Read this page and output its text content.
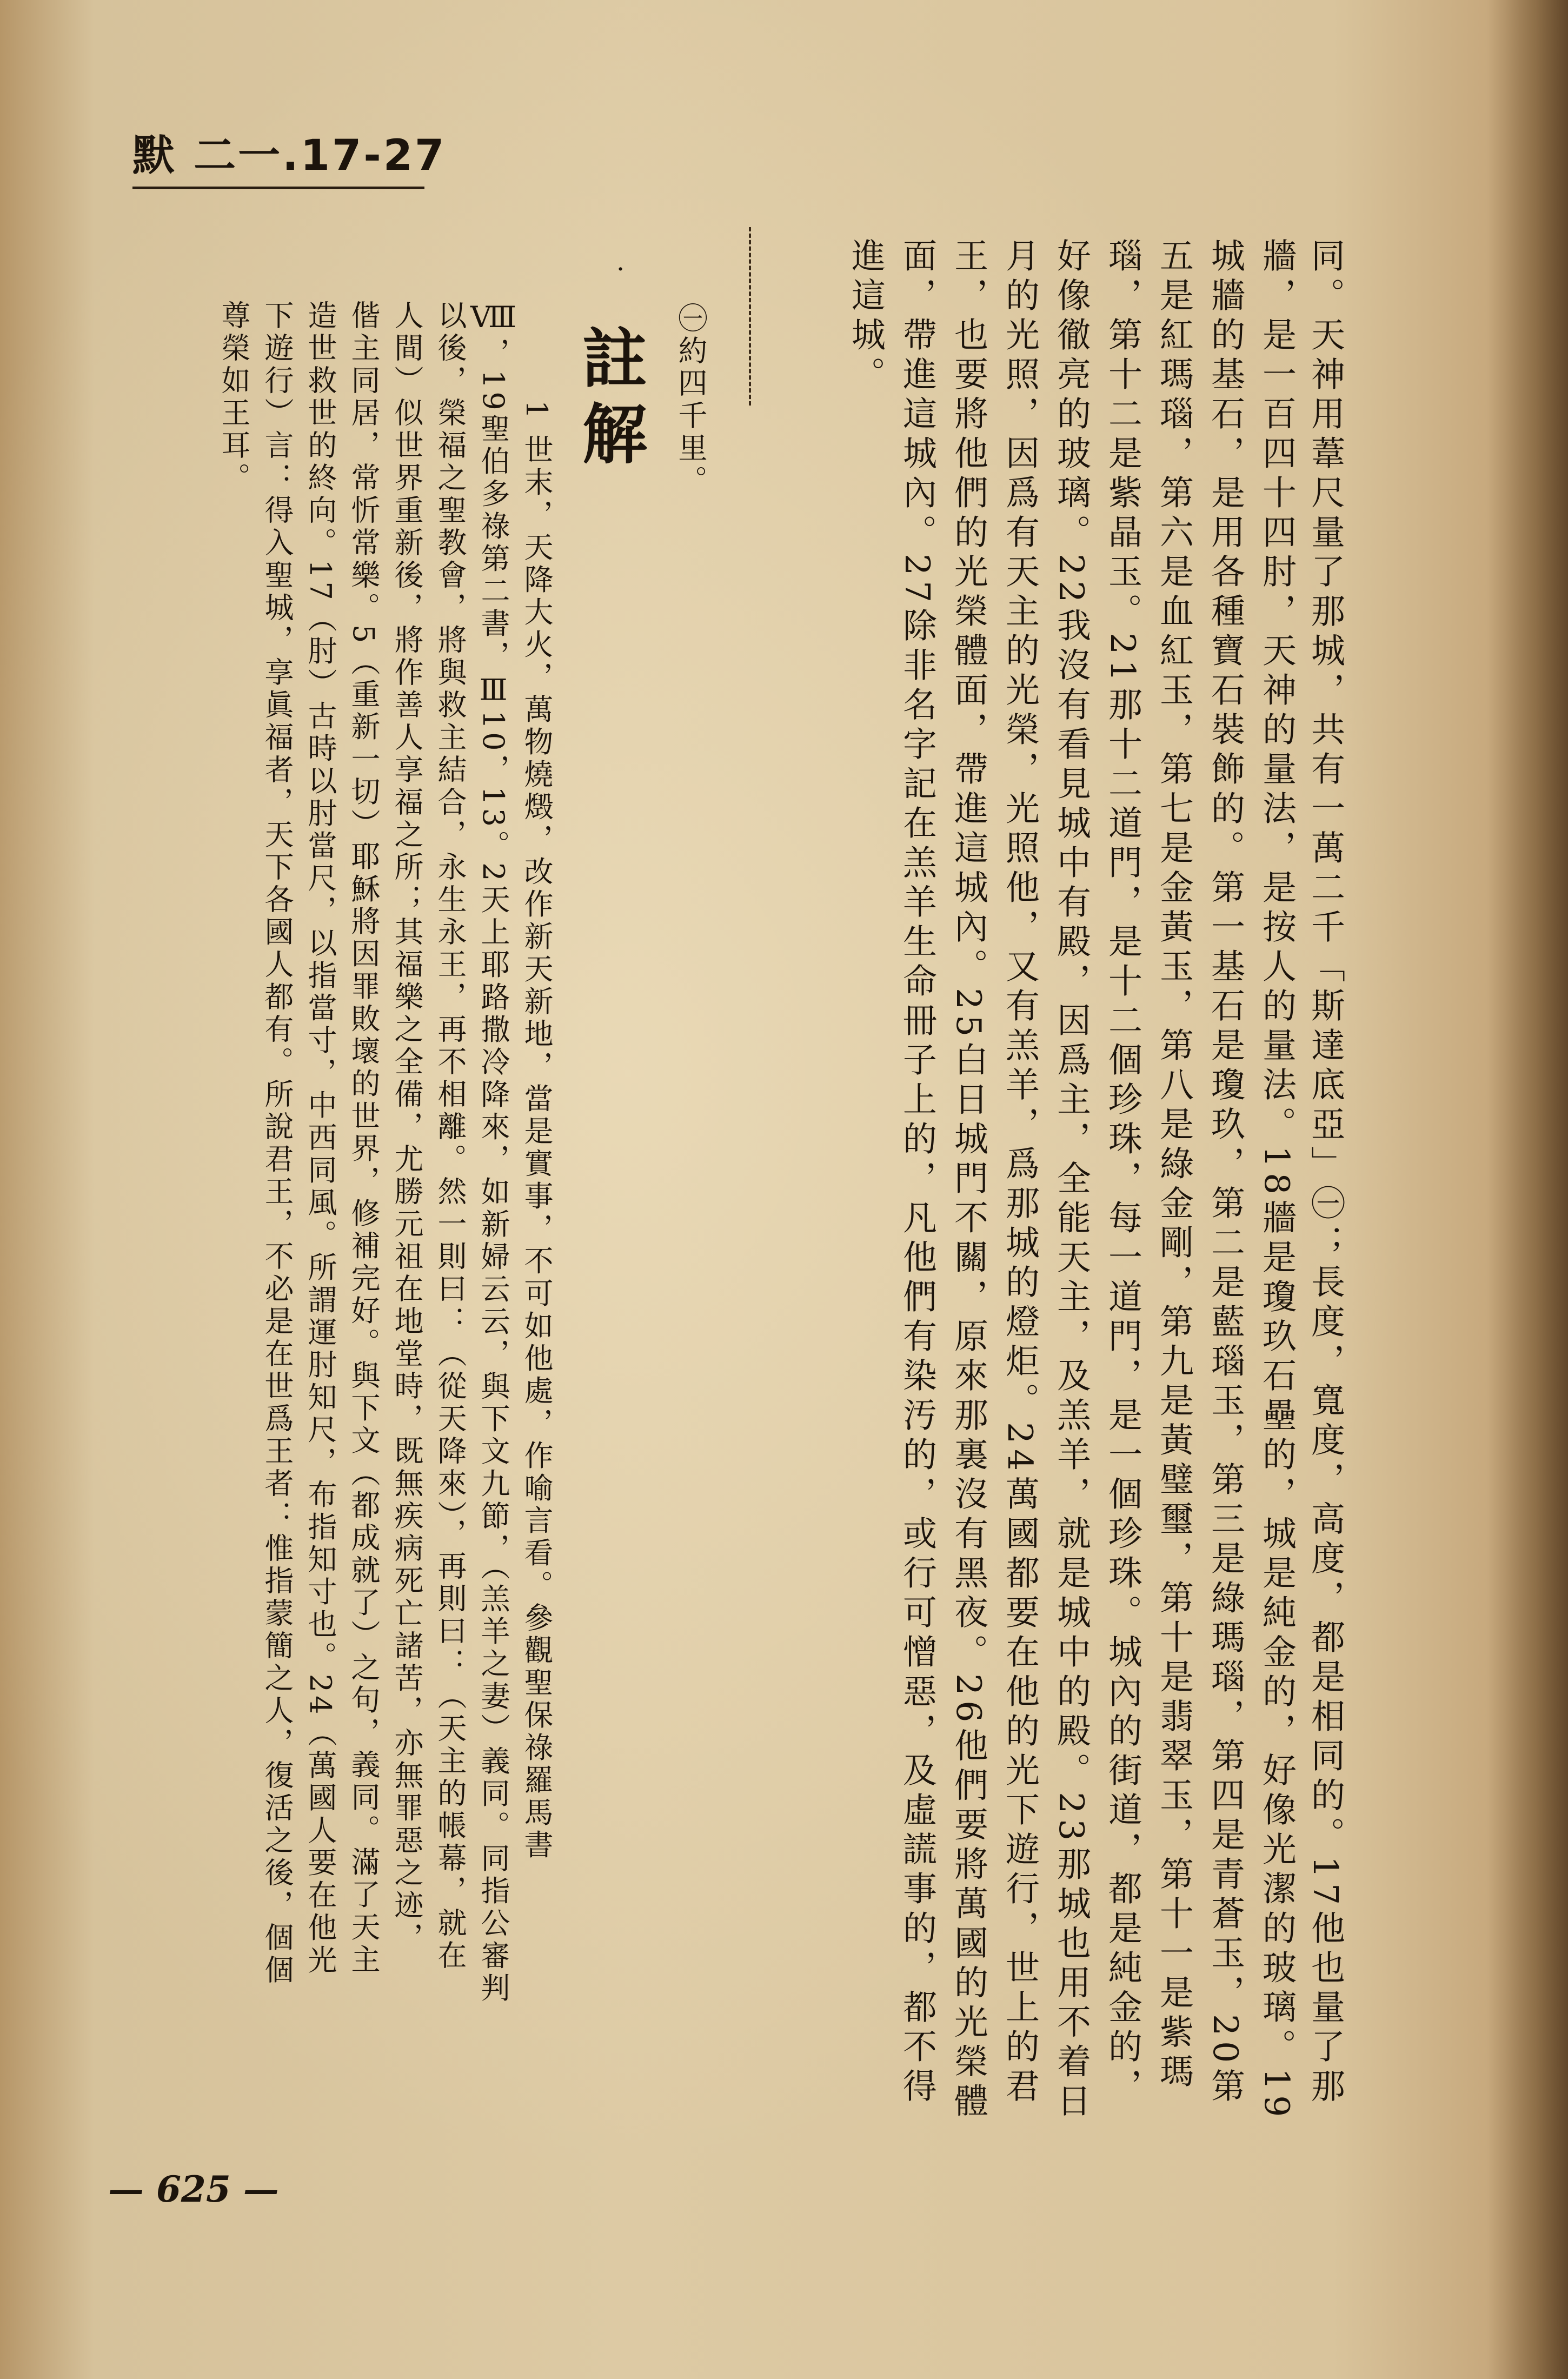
默 二一.17-27
同。天神用葦尺量了那城，共有一萬二千「斯達底亞」㊀；長度，寬度，高度，都是相同的。17他也量了那
牆，是一百四十四肘，天神的量法，是按人的量法。18牆是瓊玖石壘的，城是純金的，好像光潔的玻璃。19
城牆的基石，是用各種寶石裝飾的。第一基石是瓊玖，第二是藍瑙玉，第三是綠瑪瑙，第四是青蒼玉，20第
五是紅瑪瑙，第六是血紅玉，第七是金黃玉，第八是綠金剛，第九是黃璧璽，第十是翡翠玉，第十一是紫瑪
瑙，第十二是紫晶玉。21那十二道門，是十二個珍珠，每一道門，是一個珍珠。城內的街道，都是純金的，
好像徹亮的玻璃。22我沒有看見城中有殿，因爲主，全能天主，及羔羊，就是城中的殿。23那城也用不着日
月的光照，因爲有天主的光榮，光照他，又有羔羊，爲那城的燈炬。24萬國都要在他的光下遊行，世上的君
王，也要將他們的光榮體面，帶進這城內。25白日城門不關，原來那裏沒有黑夜。26他們要將萬國的光榮體
面，帶進這城內。27除非名字記在羔羊生命冊子上的，凡他們有染汚的，或行可憎惡，及虛謊事的，都不得
進這城。
㊀約四千里。
·
註解
1 世末，天降大火，萬物燒燬，改作新天新地，當是實事，不可如他處，作喻言看。參觀聖保祿羅馬書
Ⅷ，19聖伯多祿第二書，Ⅲ10，13。2天上耶路撒冷降來，如新婦云云，與下文九節，（羔羊之妻）義同。同指公審判
以後，榮福之聖教會，將與救主結合，永生永王，再不相離。然一則曰：（從天降來），再則曰：（天主的帳幕，就在
人間）似世界重新後，將作善人享福之所；其福樂之全備，尤勝元祖在地堂時，既無疾病死亡諸苦，亦無罪惡之迹，
偕主同居，常忻常樂。5（重新一切）耶穌將因罪敗壞的世界，修補完好。與下文（都成就了）之句，義同。滿了天主
造世救世的終向。17（肘）古時以肘當尺，以指當寸，中西同風。所謂運肘知尺，布指知寸也。24（萬國人要在他光
下遊行）言：得入聖城，享眞福者，天下各國人都有。所說君王，不必是在世爲王者：惟指蒙簡之人，復活之後，個個
尊榮如王耳。
— 625 —
